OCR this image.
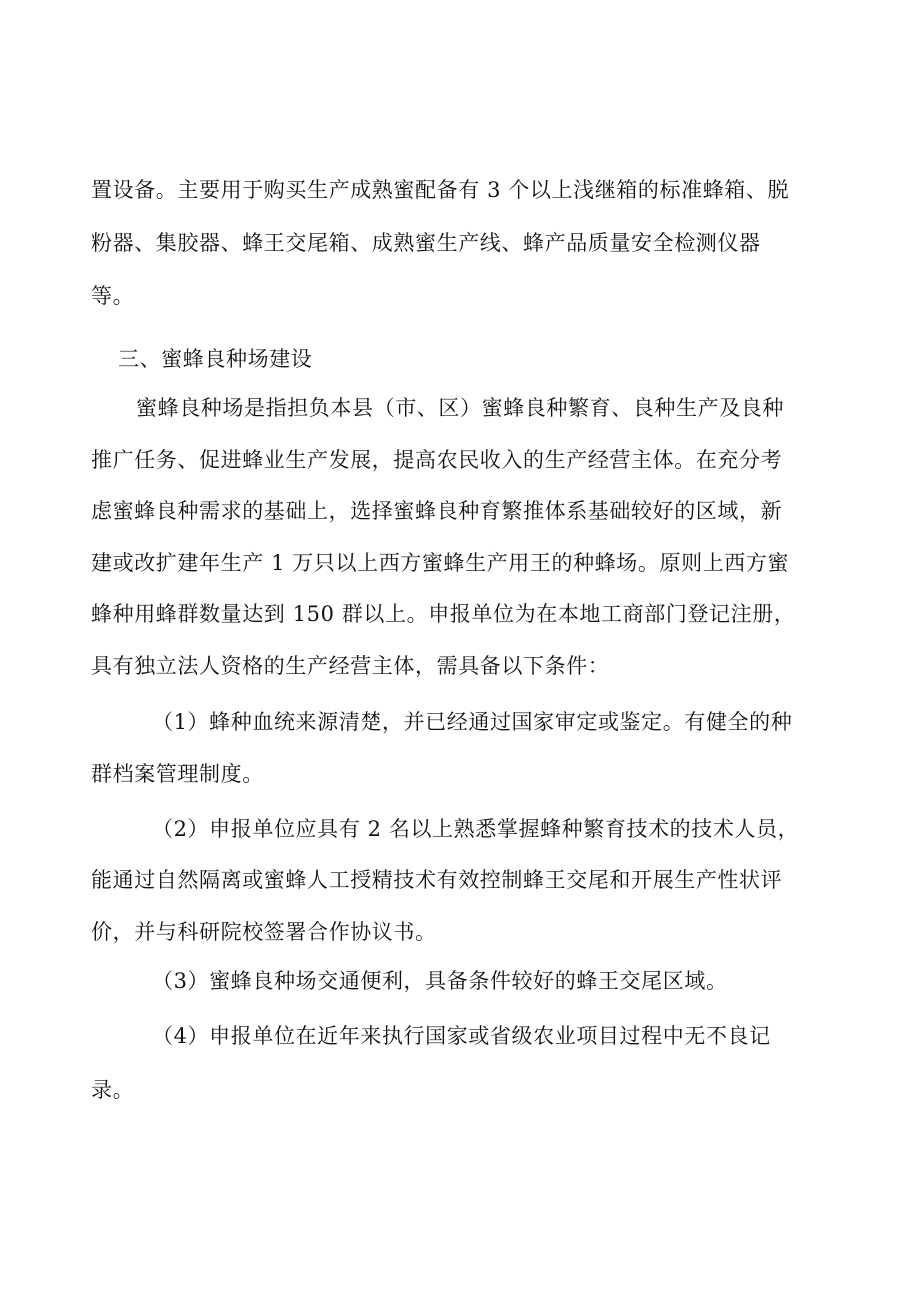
置设备。主要用于购买生产成熟蜜配备有 3 个以上浅继箱的标准蜂箱、脱
粉器、集胶器、蜂王交尾箱、成熟蜜生产线、蜂产品质量安全检测仪器
等。
三、蜜蜂良种场建设
蜜蜂良种场是指担负本县（市、区）蜜蜂良种繁育、良种生产及良种
推广任务、促进蜂业生产发展，提高农民收入的生产经营主体。在充分考
虑蜜蜂良种需求的基础上，选择蜜蜂良种育繁推体系基础较好的区域，新
建或改扩建年生产 1 万只以上西方蜜蜂生产用王的种蜂场。原则上西方蜜
蜂种用蜂群数量达到 150 群以上。申报单位为在本地工商部门登记注册，
具有独立法人资格的生产经营主体，需具备以下条件：
（1）蜂种血统来源清楚，并已经通过国家审定或鉴定。有健全的种
群档案管理制度。
（2）申报单位应具有 2 名以上熟悉掌握蜂种繁育技术的技术人员，
能通过自然隔离或蜜蜂人工授精技术有效控制蜂王交尾和开展生产性状评
价，并与科研院校签署合作协议书。
（3）蜜蜂良种场交通便利，具备条件较好的蜂王交尾区域。
（4）申报单位在近年来执行国家或省级农业项目过程中无不良记
录。
